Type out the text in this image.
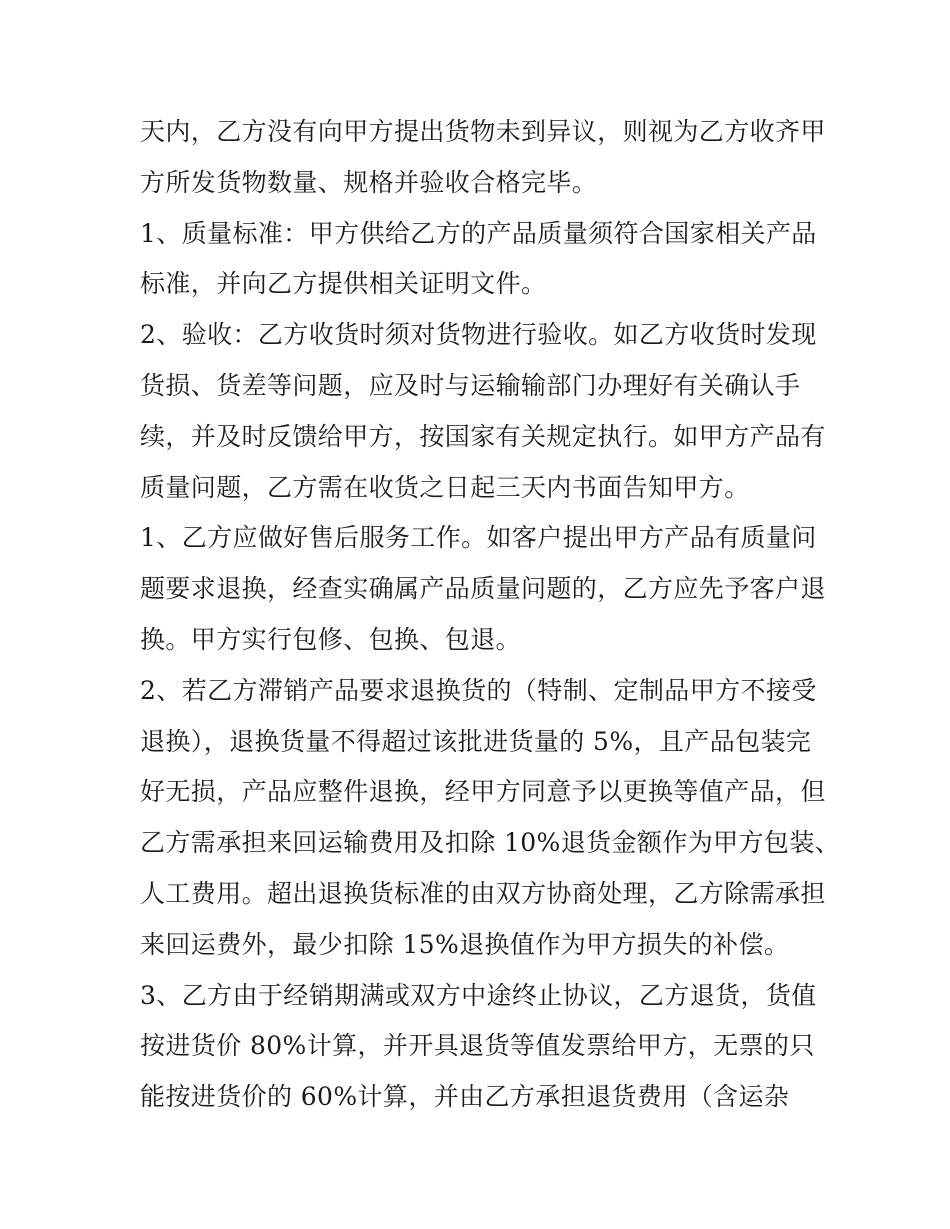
天内，乙方没有向甲方提出货物未到异议，则视为乙方收齐甲
方所发货物数量、规格并验收合格完毕。
1、质量标准：甲方供给乙方的产品质量须符合国家相关产品
标准，并向乙方提供相关证明文件。
2、验收：乙方收货时须对货物进行验收。如乙方收货时发现
货损、货差等问题，应及时与运输输部门办理好有关确认手
续，并及时反馈给甲方，按国家有关规定执行。如甲方产品有
质量问题，乙方需在收货之日起三天内书面告知甲方。
1、乙方应做好售后服务工作。如客户提出甲方产品有质量问
题要求退换，经查实确属产品质量问题的，乙方应先予客户退
换。甲方实行包修、包换、包退。
2、若乙方滞销产品要求退换货的（特制、定制品甲方不接受
退换），退换货量不得超过该批进货量的 5%，且产品包装完
好无损，产品应整件退换，经甲方同意予以更换等值产品，但
乙方需承担来回运输费用及扣除 10%退货金额作为甲方包装、
人工费用。超出退换货标准的由双方协商处理，乙方除需承担
来回运费外，最少扣除 15%退换值作为甲方损失的补偿。
3、乙方由于经销期满或双方中途终止协议，乙方退货，货值
按进货价 80%计算，并开具退货等值发票给甲方，无票的只
能按进货价的 60%计算，并由乙方承担退货费用（含运杂
